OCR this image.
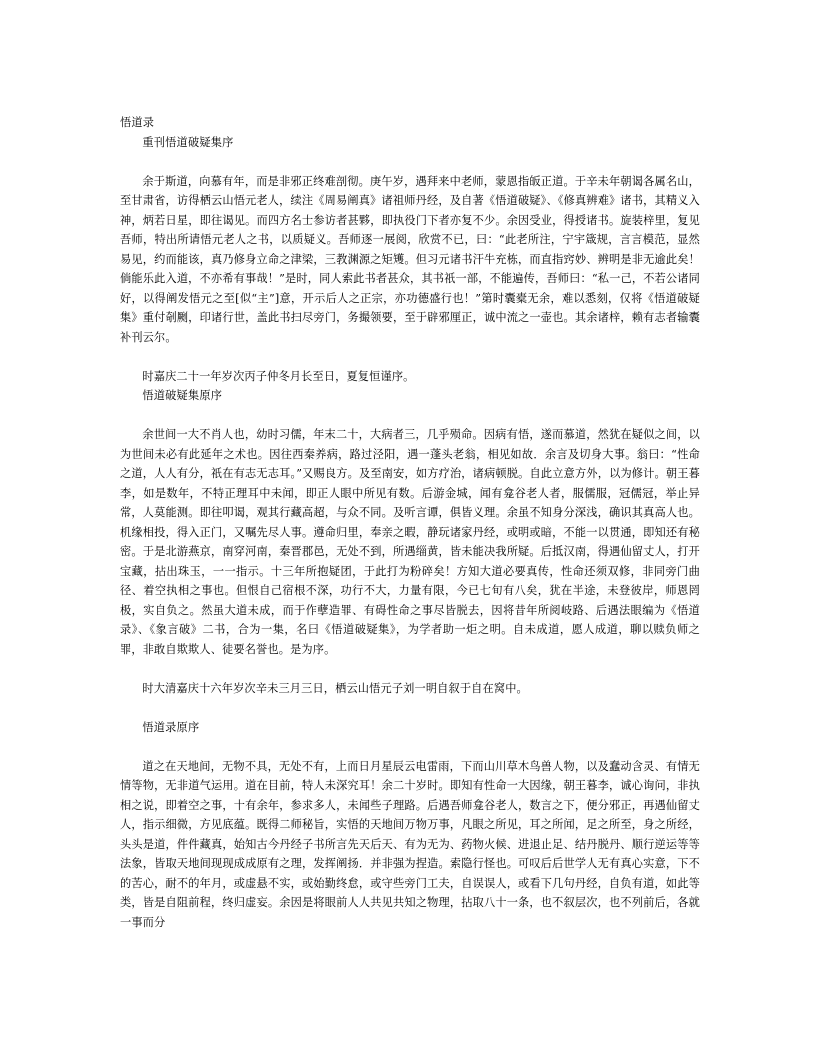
悟道录
重刊悟道破疑集序

余于斯道，向慕有年，而是非邪正终难剖彻。庚午岁，遇拜来中老师，蒙恩指皈正道。于辛未年朝谒各属名山，至甘肃省，访得栖云山悟元老人，续注《周易阐真》诸祖师丹经，及自著《悟道破疑》、《修真辨难》诸书，其精义入神，炳若日星，即往谒见。而四方名士参访者甚夥，即执役门下者亦复不少。余因受业，得授诸书。旋装梓里，复见吾师，特出所请悟元老人之书，以质疑义。吾师逐一展阅，欣赏不已，曰：“此老所注，宁宇箴规，言言模范，显然易见，约而能该，真乃修身立命之津梁，三教渊源之矩矱。但习元诸书汗牛充栋，而直指窍妙、辨明是非无逾此矣！倘能乐此入道，不亦希有事哉！”是时，同人索此书者甚众，其书祇一部，不能遍传，吾师曰：“私一己，不若公诸同好，以得阐发悟元之至[似“主”]意，开示后人之正宗，亦功德盛行也！”第时囊橐无余，难以悉刻，仅将《悟道破疑集》重付剞劂，印诸行世，盖此书扫尽旁门，务撮领要，至于辟邪厘正，诚中流之一壶也。其余诸梓，赖有志者输囊补刊云尔。

时嘉庆二十一年岁次丙子仲冬月长至日，夏复恒谨序。

悟道破疑集原序

余世间一大不肖人也，幼时习儒，年末二十，大病者三，几乎殒命。因病有悟，遂而慕道，然犹在疑似之间，以为世间未必有此延年之术也。因往西秦养病，路过泾阳，遇一蓬头老翁，相见如故．余言及切身大事。翁曰：“性命之道，人人有分，祇在有志无志耳。”又赐良方。及至南安，如方疗治，诸病顿脱。自此立意方外，以为修计。朝王暮李，如是数年，不特正理耳中未闻，即正人眼中所见有数。后游金城，闻有龛谷老人者，服儒服，冠儒冠，举止异常，人莫能测。即往叩谒，观其行藏高超，与众不同。及听言谭，俱皆义理。余虽不知身分深浅，确识其真高人也。机缘相投，得入正门，又嘱先尽人事。遵命归里，奉亲之暇，静玩诸家丹经，或明或暗，不能一以贯通，即知还有秘密。于是北游燕京，南穿河南，秦晋郡邑，无处不到，所遇缁黄，皆未能决我所疑。后抵汉南，得遇仙留丈人，打开宝藏，拈出珠玉，一一指示。十三年所抱疑团，于此打为粉碎矣！方知大道必要真传，性命还须双修，非同旁门曲径、着空执相之事也。但恨自己宿根不深，功行不大，力量有限，今已七旬有八矣，犹在半途，未登彼岸，师恩罔极，实自负之。然虽大道未成，而于作孽造罪、有碍性命之事尽皆脱去，因将昔年所阅岐路、后遇法眼编为《悟道录》、《象言破》二书，合为一集，名曰《悟道破疑集》，为学者助一炬之明。自未成道，愿人成道，聊以赎负师之罪，非敢自欺欺人、徒要名誉也。是为序。

时大清嘉庆十六年岁次辛未三月三日，栖云山悟元子刘一明自叙于自在窝中。

悟道录原序

道之在天地间，无物不具，无处不有，上而日月星辰云电雷雨，下而山川草木鸟兽人物，以及蠢动含灵、有情无情等物，无非道气运用。道在目前，特人未深究耳！余二十岁时。即知有性命一大因缘，朝王暮李，诚心询问，非执相之说，即着空之事，十有余年，参求多人，未闻些子理路。后遇吾师龛谷老人，数言之下，便分邪正，再遇仙留丈人，指示细微，方见底蕴。既得二师秘旨，实悟的天地间万物万事，凡眼之所见，耳之所闻，足之所至，身之所经，头头是道，件件藏真，始知古今丹经子书所言先天后天、有为无为、药物火候、进退止足、结丹脱丹、顺行逆运等等法象，皆取天地间现现成成原有之理，发挥阐扬．并非强为捏造。索隐行怪也。可叹后后世学人无有真心实意，下不的苦心，耐不的年月，或虚悬不实，或始勤终怠，或守些旁门工夫，自误误人，或看下几句丹经，自负有道，如此等类，皆是自阻前程，终归虚妄。余因是将眼前人人共见共知之物理，拈取八十一条，也不叙层次，也不列前后，各就一事而分
